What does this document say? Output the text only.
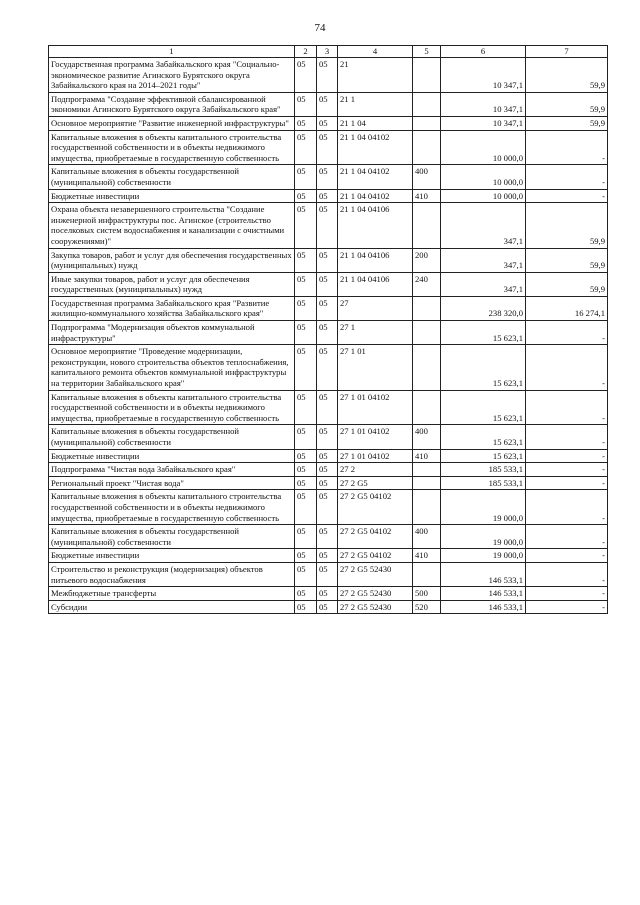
74
1	2	3	4	5	6	7
Государственная программа Забайкальского края "Социально-экономическое развитие Агинского Бурятского округа Забайкальского края на 2014–2021 годы"	05	05	21		10 347,1	59,9
Подпрограмма "Создание эффективной сбалансированной экономики Агинского Бурятского округа Забайкальского края"	05	05	21 1		10 347,1	59,9
Основное мероприятие "Развитие инженерной инфраструктуры"	05	05	21 1 04		10 347,1	59,9
Капитальные вложения в объекты капитального строительства государственной собственности и в объекты недвижимого имущества, приобретаемые в государственную собственность	05	05	21 1 04 04102		10 000,0	-
Капитальные вложения в объекты государственной (муниципальной) собственности	05	05	21 1 04 04102	400	10 000,0	-
Бюджетные инвестиции	05	05	21 1 04 04102	410	10 000,0	-
Охрана объекта незавершенного строительства "Создание инженерной инфраструктуры пос. Агинское (строительство поселковых систем водоснабжения и канализации с очистными сооружениями)"	05	05	21 1 04 04106		347,1	59,9
Закупка товаров, работ и услуг для обеспечения государственных (муниципальных) нужд	05	05	21 1 04 04106	200	347,1	59,9
Иные закупки товаров, работ и услуг для обеспечения государственных (муниципальных) нужд	05	05	21 1 04 04106	240	347,1	59,9
Государственная программа Забайкальского края "Развитие жилищно-коммунального хозяйства Забайкальского края"	05	05	27		238 320,0	16 274,1
Подпрограмма "Модернизация объектов коммунальной инфраструктуры"	05	05	27 1		15 623,1	-
Основное мероприятие "Проведение модернизации, реконструкции, нового строительства объектов теплоснабжения, капитального ремонта объектов коммунальной инфраструктуры на территории Забайкальского края"	05	05	27 1 01		15 623,1	-
Капитальные вложения в объекты капитального строительства государственной собственности и в объекты недвижимого имущества, приобретаемые в государственную собственность	05	05	27 1 01 04102		15 623,1	-
Капитальные вложения в объекты государственной (муниципальной) собственности	05	05	27 1 01 04102	400	15 623,1	-
Бюджетные инвестиции	05	05	27 1 01 04102	410	15 623,1	-
Подпрограмма "Чистая вода Забайкальского края"	05	05	27 2		185 533,1	-
Региональный проект "Чистая вода"	05	05	27 2 G5		185 533,1	-
Капитальные вложения в объекты капитального строительства государственной собственности и в объекты недвижимого имущества, приобретаемые в государственную собственность	05	05	27 2 G5 04102		19 000,0	-
Капитальные вложения в объекты государственной (муниципальной) собственности	05	05	27 2 G5 04102	400	19 000,0	-
Бюджетные инвестиции	05	05	27 2 G5 04102	410	19 000,0	-
Строительство и реконструкция (модернизация) объектов питьевого водоснабжения	05	05	27 2 G5 52430		146 533,1	-
Межбюджетные трансферты	05	05	27 2 G5 52430	500	146 533,1	-
Субсидии	05	05	27 2 G5 52430	520	146 533,1	-
